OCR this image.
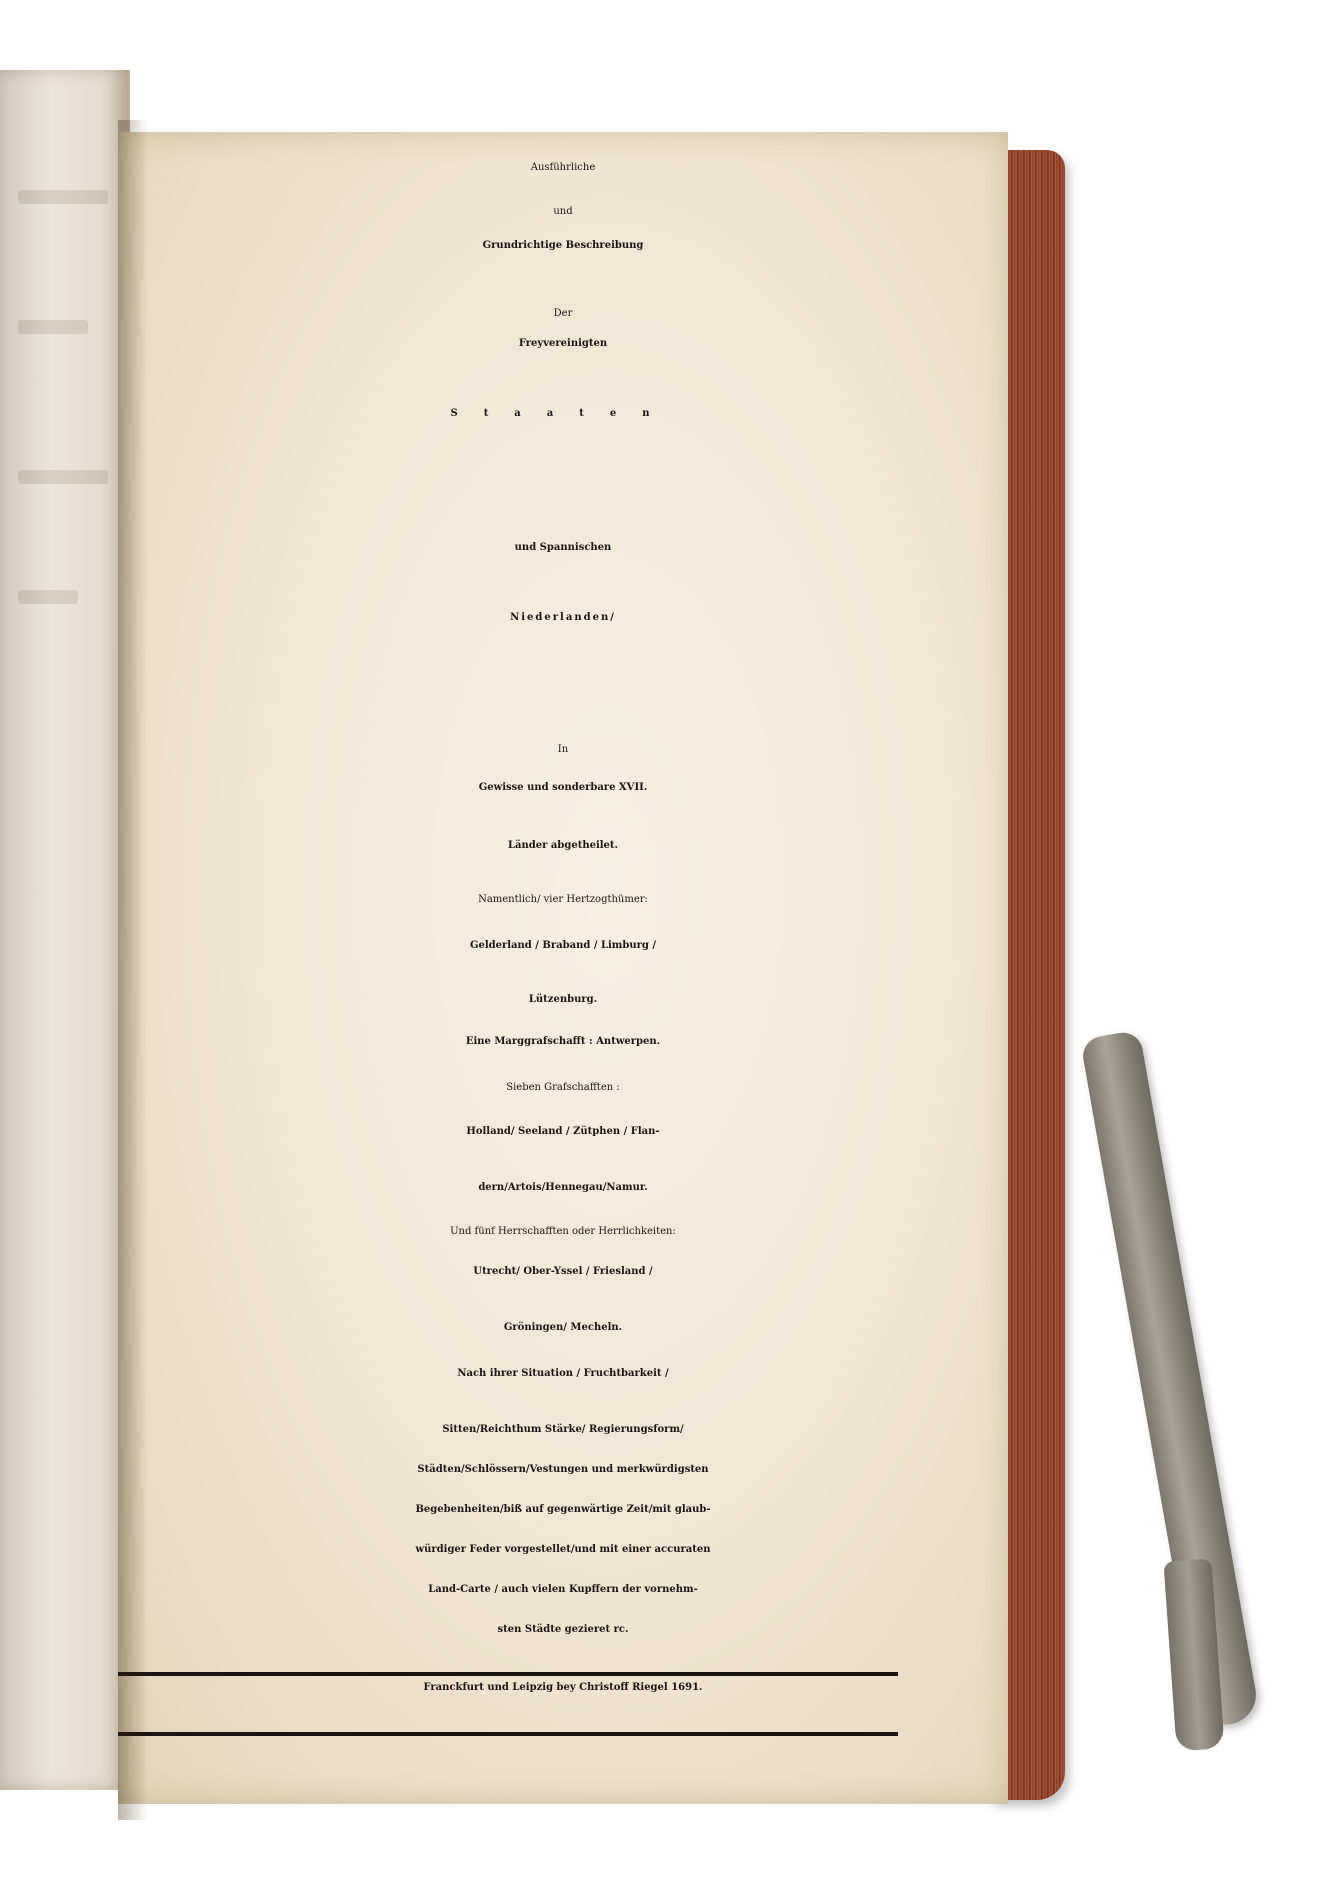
Ausführliche
und
Grundrichtige Beschreibung
Der
Freyvereinigten
Staaten
und Spannischen
Niederlanden/
In
Gewisse und sonderbare XVII.
Länder abgetheilet.
Namentlich/ vier Hertzogthümer:
Gelderland / Braband / Limburg /
Lützenburg.
Eine Marggrafschafft : Antwerpen.
Sieben Grafschafften :
Holland/ Seeland / Zütphen / Flan-
dern/Artois/Hennegau/Namur.
Und fünf Herrschafften oder Herrlichkeiten:
Utrecht/ Ober-Yssel / Friesland /
Gröningen/ Mecheln.
Nach ihrer Situation / Fruchtbarkeit /
Sitten/Reichthum Stärke/ Regierungsform/
Städten/Schlössern/Vestungen und merkwürdigsten
Begebenheiten/biß auf gegenwärtige Zeit/mit glaub-
würdiger Feder vorgestellet/und mit einer accuraten
Land-Carte / auch vielen Kupffern der vornehm-
sten Städte gezieret rc.
Franckfurt und Leipzig bey Christoff Riegel 1691.
